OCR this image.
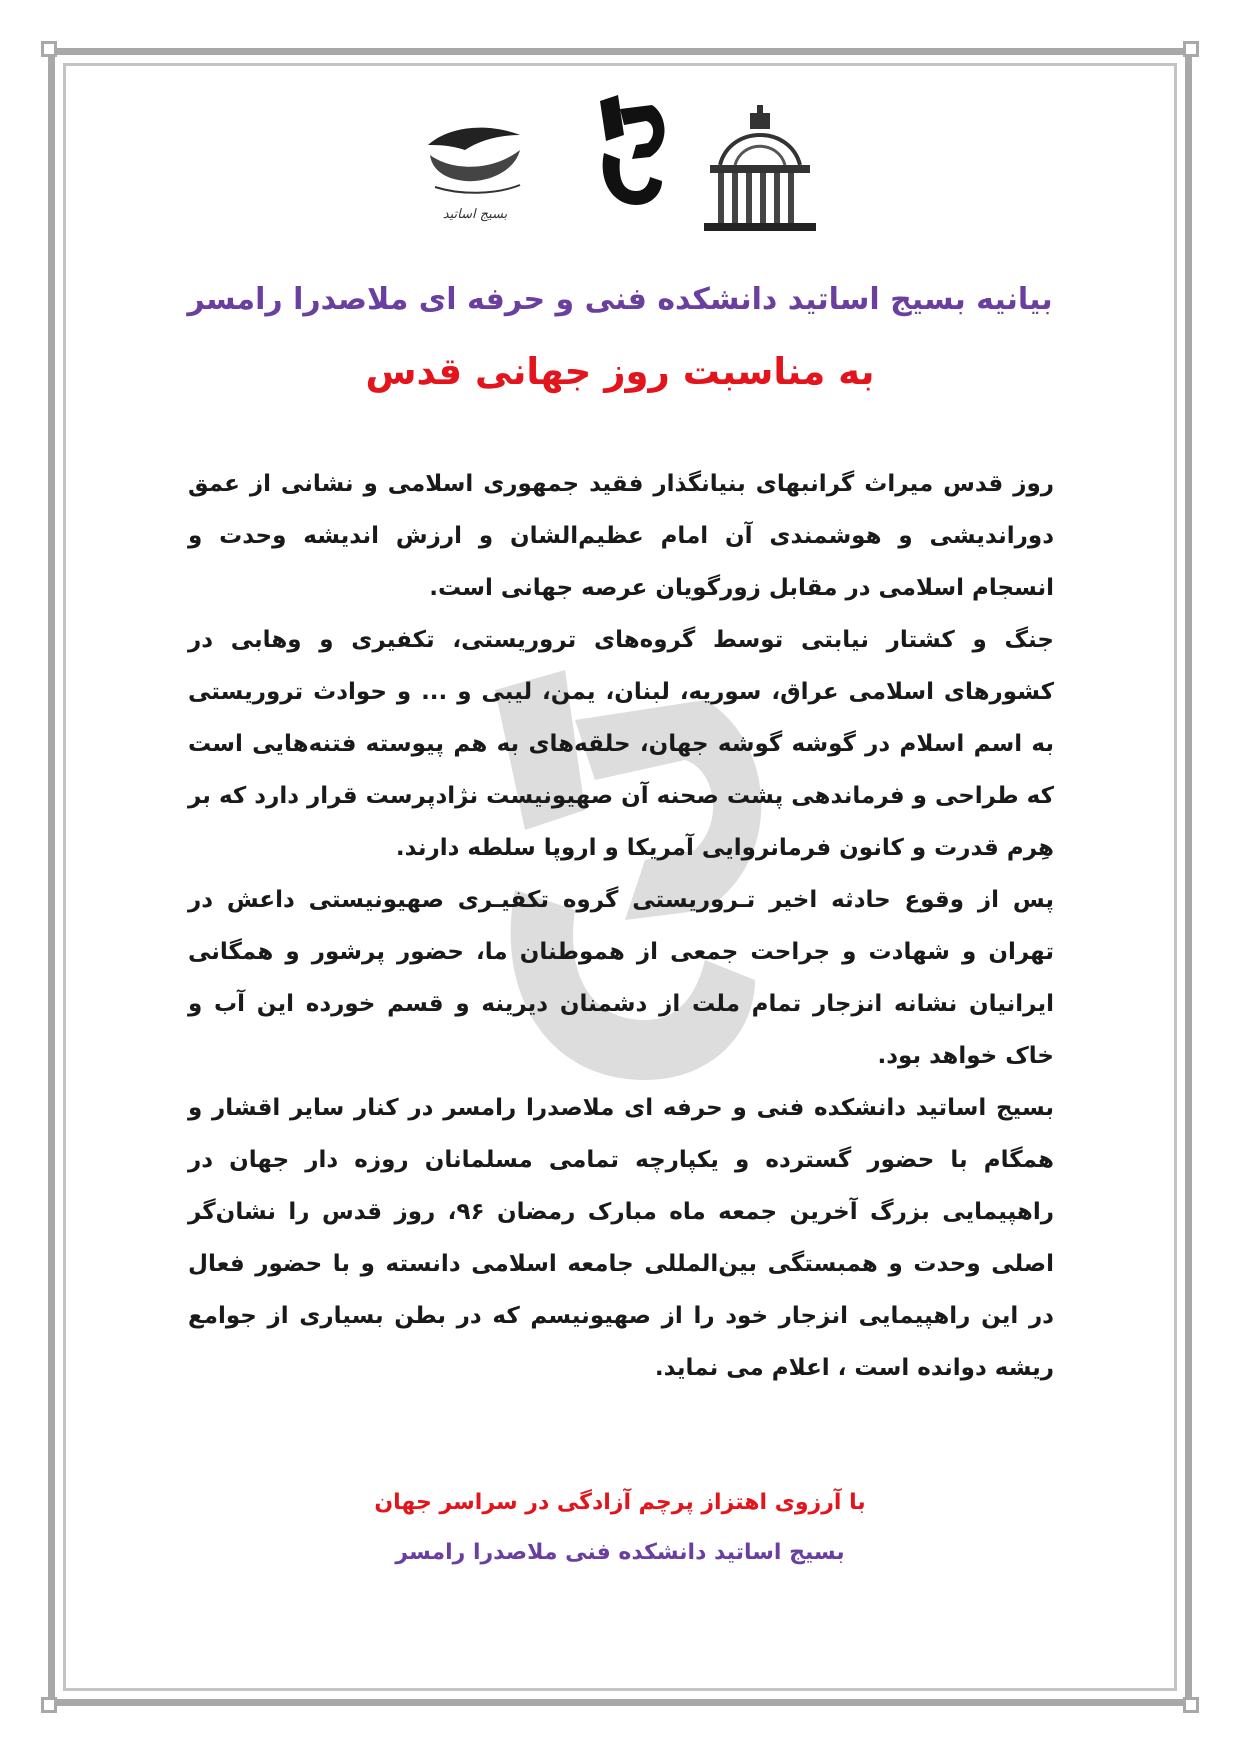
بسیج اساتید
بیانیه بسیج اساتید دانشکده فنی و حرفه ای ملاصدرا رامسر
به مناسبت روز جهانی قدس

روز قدس میراث گرانبهای بنیانگذار فقید جمهوری اسلامی و نشانی از عمق دوراندیشی و هوشمندی آن امام عظیم‌الشان و ارزش اندیشه وحدت و انسجام اسلامی در مقابل زورگویان عرصه جهانی است.

جنگ و کشتار نیابتی توسط گروه‌های تروریستی، تکفیری و وهابی در کشورهای اسلامی عراق، سوریه، لبنان، یمن، لیبی و ... و حوادث تروریستی به اسم اسلام در گوشه گوشه جهان، حلقه‌های به هم پیوسته فتنه‌هایی است که طراحی و فرماندهی پشت صحنه آن صهیونیست نژادپرست قرار دارد که بر هِرم قدرت و کانون فرمانروایی آمریکا و اروپا سلطه دارند.

پس از وقوع حادثه اخیر تـروریستی گروه تکفیـری صهیونیستی داعش در تهران و شهادت و جراحت جمعی از هموطنان ما، حضور پرشور و همگانی ایرانیان نشانه انزجار تمام ملت از دشمنان دیرینه و قسم خورده این آب و خاک خواهد بود.

بسیج اساتید دانشکده فنی و حرفه ای ملاصدرا رامسر در کنار سایر اقشار و همگام با حضور گسترده و یکپارچه تمامی مسلمانان روزه دار جهان در راهپیمایی بزرگ آخرین جمعه ماه مبارک رمضان ۹۶، روز قدس را نشان‌گر اصلی وحدت و همبستگی بین‌المللی جامعه اسلامی دانسته و با حضور فعال در این راهپیمایی انزجار خود را از صهیونیسم که در بطن بسیاری از جوامع ریشه دوانده است ، اعلام می نماید.

با آرزوی اهتزاز پرچم آزادگی در سراسر جهان
بسیج اساتید دانشکده فنی ملاصدرا رامسر
